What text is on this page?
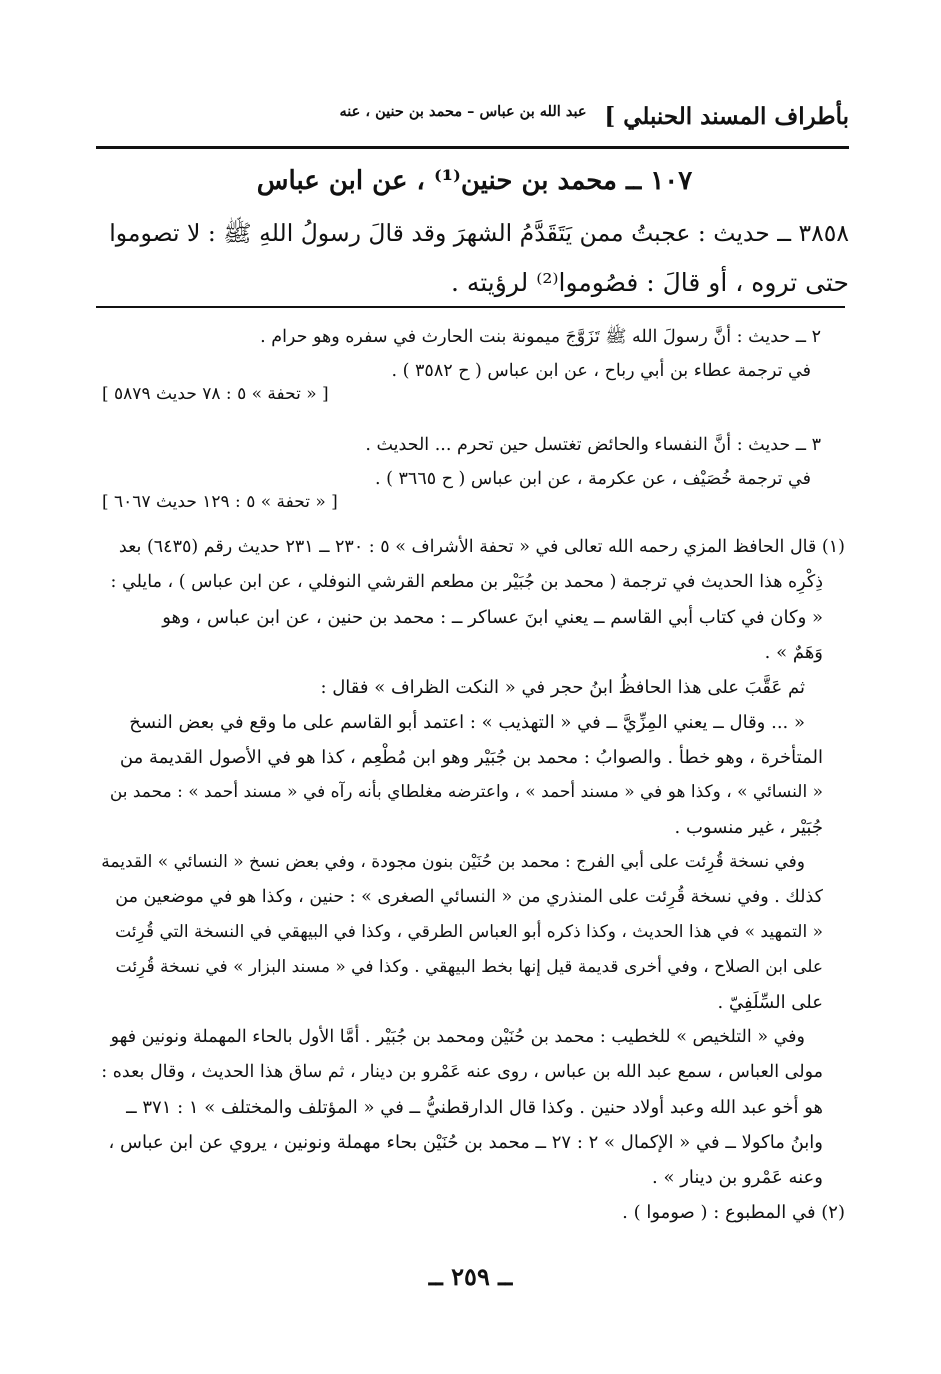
بأطراف المسند الحنبلي ]
عبد الله بن عباس – محمد بن حنين ، عنه
١٠٧ ــ محمد بن حنين⁽¹⁾ ، عن ابن عباس
٣٨٥٨ ــ حديث : عجبتُ ممن يَتَقَدَّمُ الشهرَ وقد قالَ رسولُ اللهِ ﷺ : لا تصوموا
حتى تروه ، أو قالَ : فصُوموا⁽²⁾ لرؤيته .
٢ ــ حديث : أنَّ رسولَ الله ﷺ تَزَوَّجَ ميمونة بنت الحارث في سفره وهو حرام .
في ترجمة عطاء بن أبي رباح ، عن ابن عباس ( ح ٣٥٨٢ ) .
[ « تحفة » ٥ : ٧٨ حديث ٥٨٧٩ ]
٣ ــ حديث : أنَّ النفساء والحائض تغتسل حين تحرم ... الحديث .
في ترجمة خُصَيْف ، عن عكرمة ، عن ابن عباس ( ح ٣٦٦٥ ) .
[ « تحفة » ٥ : ١٢٩ حديث ٦٠٦٧ ]
(١) قال الحافظ المزي رحمه الله تعالى في « تحفة الأشراف » ٥ : ٢٣٠ ــ ٢٣١ حديث رقم (٦٤٣٥) بعد
ذِكْرِه هذا الحديث في ترجمة ( محمد بن جُبَيْر بن مطعم القرشي النوفلي ، عن ابن عباس ) ، مايلي :
« وكان في كتاب أبي القاسم ــ يعني ابنَ عساكر ــ : محمد بن حنين ، عن ابن عباس ، وهو
وَهَمٌ » .
ثم عَقَّبَ على هذا الحافظُ ابنُ حجر في « النكت الظراف » فقال :
« ... وقال ــ يعني المِزِّيَّ ــ في « التهذيب » : اعتمد أبو القاسم على ما وقع في بعض النسخ
المتأخرة ، وهو خطأ . والصوابُ : محمد بن جُبَيْر وهو ابن مُطْعِم ، كذا هو في الأصول القديمة من
« النسائي » ، وكذا هو في « مسند أحمد » ، واعترضه مغلطاي بأنه رآه في « مسند أحمد » : محمد بن
جُبَيْر ، غير منسوب .
وفي نسخة قُرِئت على أبي الفرج : محمد بن حُنَيْن بنون مجودة ، وفي بعض نسخ « النسائي » القديمة
كذلك . وفي نسخة قُرِئت على المنذري من « النسائي الصغرى » : حنين ، وكذا هو في موضعين من
« التمهيد » في هذا الحديث ، وكذا ذكره أبو العباس الطرقي ، وكذا في البيهقي في النسخة التي قُرِئت
على ابن الصلاح ، وفي أخرى قديمة قيل إنها بخط البيهقي . وكذا في « مسند البزار » في نسخة قُرِئت
على السِّلَفِيّ .
وفي « التلخيص » للخطيب : محمد بن حُنَيْن ومحمد بن جُبَيْر . أمَّا الأول بالحاء المهملة ونونين فهو
مولى العباس ، سمع عبد الله بن عباس ، روى عنه عَمْرو بن دينار ، ثم ساق هذا الحديث ، وقال بعده :
هو أخو عبد الله وعبد أولاد حنين . وكذا قال الدارقطنيُّ ــ في « المؤتلف والمختلف » ١ : ٣٧١ ــ
وابنُ ماكولا ــ في « الإكمال » ٢ : ٢٧ ــ محمد بن حُنَيْن بحاء مهملة ونونين ، يروي عن ابن عباس ،
وعنه عَمْرو بن دينار » .
(٢) في المطبوع : ( صوموا ) .
ــ ٢٥٩ ــ
